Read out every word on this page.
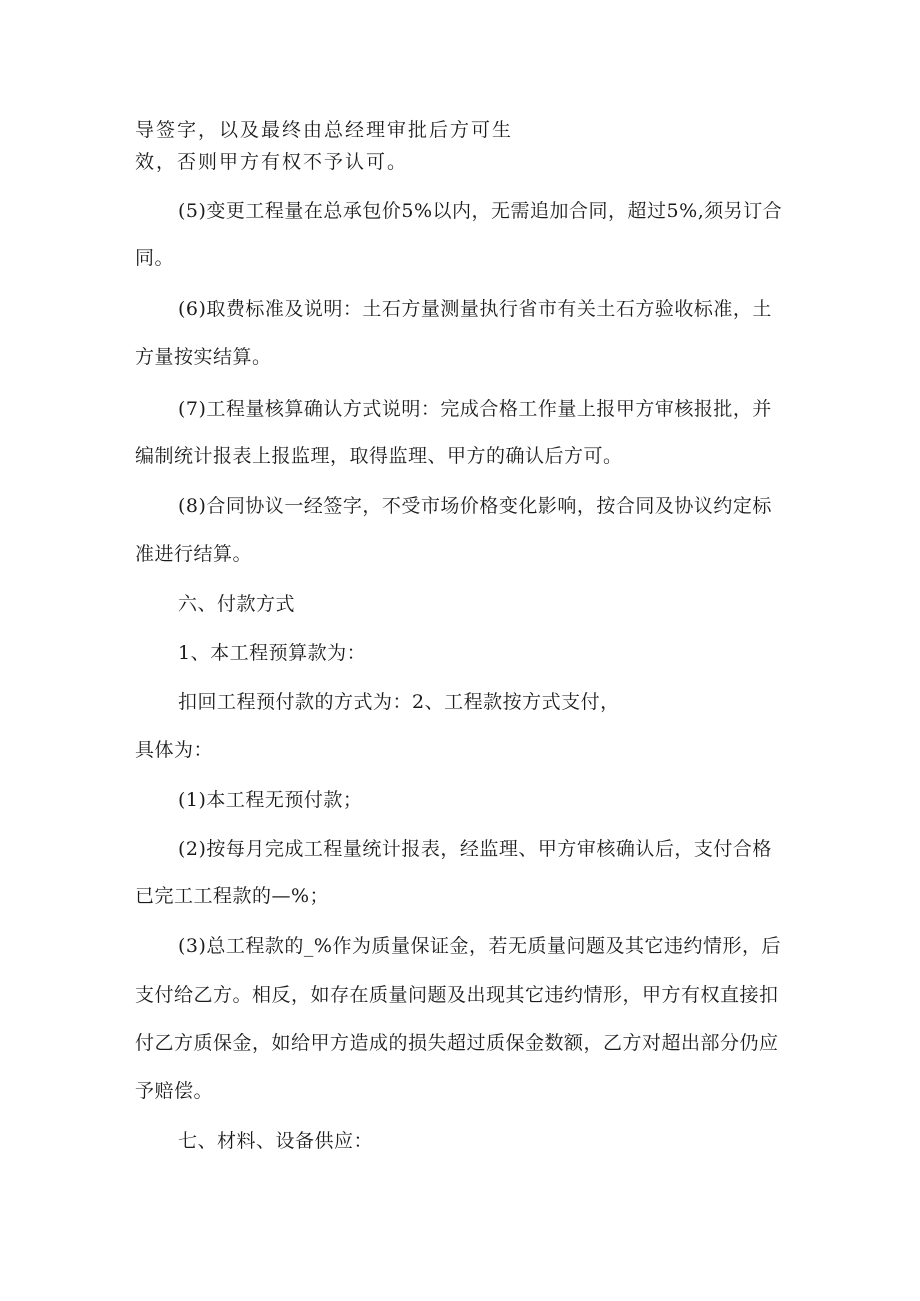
导签字，以及最终由总经理审批后方可生
效，否则甲方有权不予认可。
(5)变更工程量在总承包价5%以内，无需追加合同，超过5%,须另订合
同。
(6)取费标准及说明：土石方量测量执行省市有关土石方验收标准，土
方量按实结算。
(7)工程量核算确认方式说明：完成合格工作量上报甲方审核报批，并
编制统计报表上报监理，取得监理、甲方的确认后方可。
(8)合同协议一经签字，不受市场价格变化影响，按合同及协议约定标
准进行结算。
六、付款方式
1、本工程预算款为：
扣回工程预付款的方式为：2、工程款按方式支付，
具体为：
(1)本工程无预付款；
(2)按每月完成工程量统计报表，经监理、甲方审核确认后，支付合格
已完工工程款的—%；
(3)总工程款的_%作为质量保证金，若无质量问题及其它违约情形，后
支付给乙方。相反，如存在质量问题及出现其它违约情形，甲方有权直接扣
付乙方质保金，如给甲方造成的损失超过质保金数额，乙方对超出部分仍应
予赔偿。
七、材料、设备供应：
